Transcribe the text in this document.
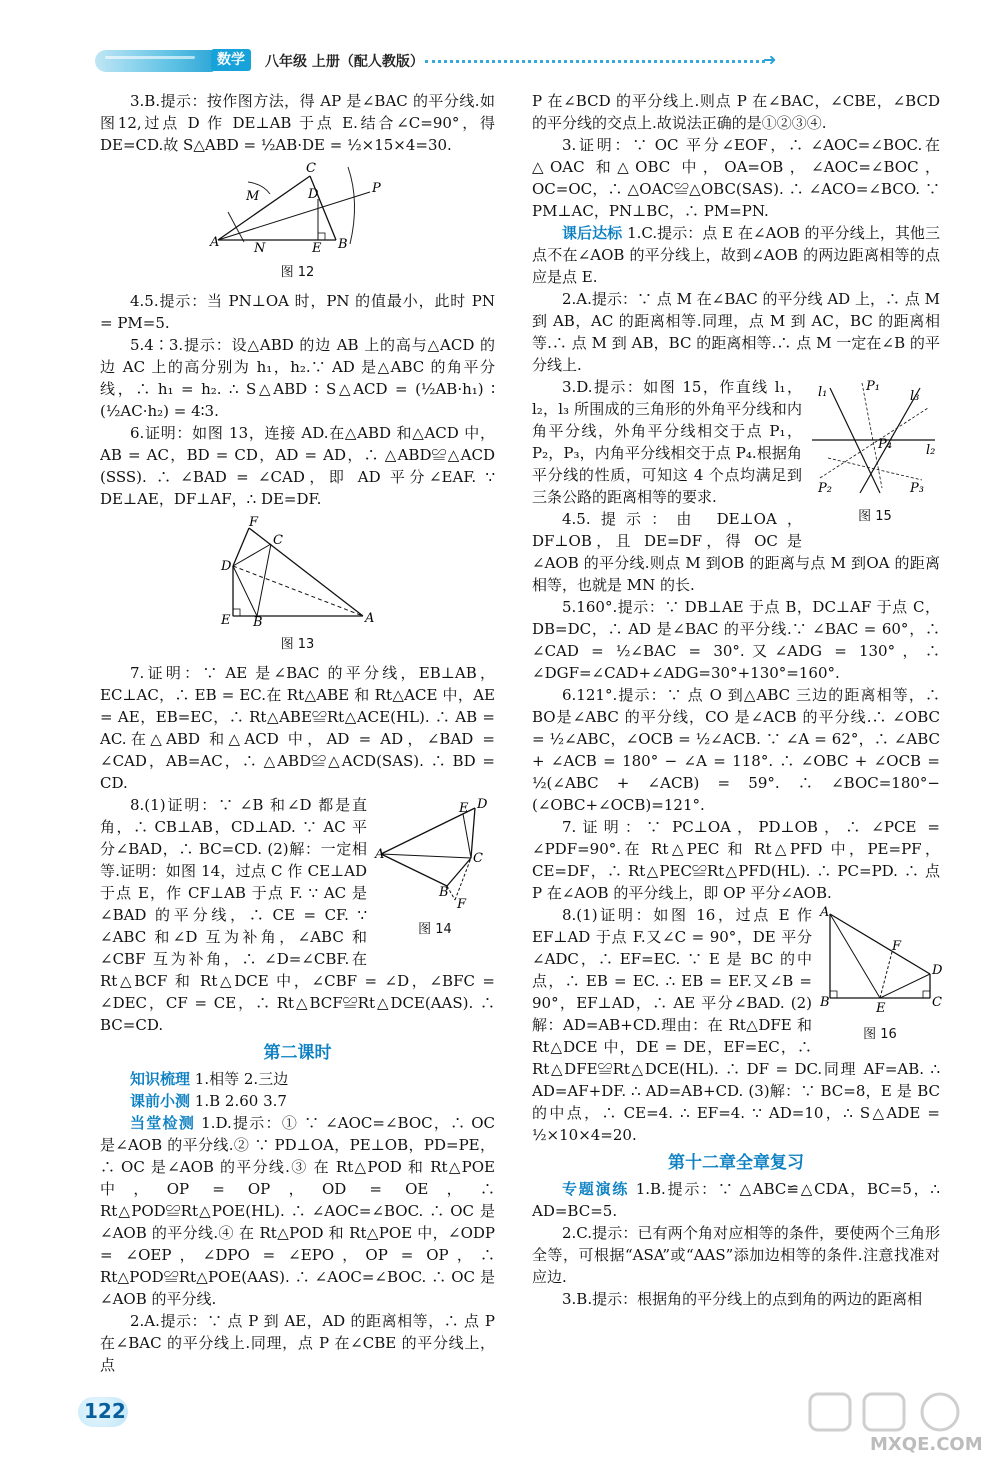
数学	八年级 上册（配人教版）	➜

3.B.提示：按作图方法，得 AP 是∠BAC 的平分线.如图12,过点 D 作 DE⊥AB 于点 E.结合∠C=90°，得 DE=CD.故 S△ABD = ½AB·DE = ½×15×4=30.

A	B
C
D
E
M
N
P
图 12

4.5.提示：当 PN⊥OA 时，PN 的值最小，此时 PN = PM=5.

5.4∶3.提示：设△ABD 的边 AB 上的高与△ACD 的边 AC 上的高分别为 h₁，h₂.∵ AD 是△ABC 的角平分线，∴ h₁ = h₂. ∴ S△ABD ∶ S△ACD = (½AB·h₁) ∶ (½AC·h₂) = 4∶3.

6.证明：如图 13，连接 AD.在△ABD 和△ACD 中，AB = AC，BD = CD，AD = AD，∴ △ABD≌△ACD (SSS). ∴ ∠BAD = ∠CAD，即 AD 平分∠EAF. ∵ DE⊥AE，DF⊥AF，∴ DE=DF.

F
C
D
E B	A
图 13

7.证明：∵ AE 是∠BAC 的平分线，EB⊥AB，EC⊥AC，∴ EB = EC.在 Rt△ABE 和 Rt△ACE 中，AE = AE，EB=EC，∴ Rt△ABE≌Rt△ACE(HL). ∴ AB = AC.在△ABD 和△ACD 中，AD = AD，∠BAD = ∠CAD，AB=AC，∴ △ABD≌△ACD(SAS). ∴ BD = CD.

A
D
E
C
B
F
图 14

8.(1)证明：∵ ∠B 和∠D 都是直角，∴ CB⊥AB，CD⊥AD. ∵ AC 平分∠BAD，∴ BC=CD. (2)解：一定相等.证明：如图 14，过点 C 作 CE⊥AD 于点 E，作 CF⊥AB 于点 F. ∵ AC 是∠BAD 的平分线，∴ CE = CF. ∵ ∠ABC 和∠D 互为补角，∠ABC 和∠CBF 互为补角，∴ ∠D=∠CBF.在 Rt△BCF 和 Rt△DCE 中，∠CBF = ∠D，∠BFC = ∠DEC，CF = CE，∴ Rt△BCF≌Rt△DCE(AAS). ∴ BC=CD.

第二课时

知识梳理 1.相等 2.三边

课前小测 1.B 2.60 3.7

当堂检测 1.D.提示：① ∵ ∠AOC=∠BOC，∴ OC 是∠AOB 的平分线.② ∵ PD⊥OA，PE⊥OB，PD=PE，∴ OC 是∠AOB 的平分线.③ 在 Rt△POD 和 Rt△POE 中，OP = OP，OD = OE，∴ Rt△POD≌Rt△POE(HL). ∴ ∠AOC=∠BOC. ∴ OC 是∠AOB 的平分线.④ 在 Rt△POD 和 Rt△POE 中，∠ODP = ∠OEP，∠DPO = ∠EPO，OP = OP，∴ Rt△POD≌Rt△POE(AAS). ∴ ∠AOC=∠BOC. ∴ OC 是∠AOB 的平分线.

2.A.提示：∵ 点 P 到 AE，AD 的距离相等，∴ 点 P 在∠BAC 的平分线上.同理，点 P 在∠CBE 的平分线上，点

P 在∠BCD 的平分线上.则点 P 在∠BAC，∠CBE，∠BCD 的平分线的交点上.故说法正确的是①②③④.

3.证明：∵ OC 平分∠EOF，∴ ∠AOC=∠BOC.在△OAC 和△OBC 中，OA=OB，∠AOC=∠BOC，OC=OC，∴ △OAC≌△OBC(SAS). ∴ ∠ACO=∠BCO. ∵ PM⊥AC，PN⊥BC，∴ PM=PN.

课后达标 1.C.提示：点 E 在∠AOB 的平分线上，其他三点不在∠AOB 的平分线上，故到∠AOB 的两边距离相等的点应是点 E.

2.A.提示：∵ 点 M 在∠BAC 的平分线 AD 上，∴ 点 M 到 AB，AC 的距离相等.同理，点 M 到 AC，BC 的距离相等.∴ 点 M 到 AB，BC 的距离相等.∴ 点 M 一定在∠B 的平分线上.

P₁
l₁	l₃
l₂
P₄
P₂	P₃
图 15

3.D.提示：如图 15，作直线 l₁，l₂，l₃ 所围成的三角形的外角平分线和内角平分线，外角平分线相交于点 P₁，P₂，P₃，内角平分线相交于点 P₄.根据角平分线的性质，可知这 4 个点均满足到三条公路的距离相等的要求.

4.5.提示：由 DE⊥OA，DF⊥OB，且 DE=DF，得 OC 是∠AOB 的平分线.则点 M 到OB 的距离与点 M 到OA 的距离相等，也就是 MN 的长.

5.160°.提示：∵ DB⊥AE 于点 B，DC⊥AF 于点 C，DB=DC，∴ AD 是∠BAC 的平分线.∵ ∠BAC = 60°，∴ ∠CAD = ½∠BAC = 30°.又∠ADG = 130°，∴ ∠DGF=∠CAD+∠ADG=30°+130°=160°.

6.121°.提示：∵ 点 O 到△ABC 三边的距离相等，∴ BO是∠ABC 的平分线，CO 是∠ACB 的平分线.∴ ∠OBC = ½∠ABC，∠OCB = ½∠ACB. ∵ ∠A = 62°，∴ ∠ABC + ∠ACB = 180° − ∠A = 118°. ∴ ∠OBC + ∠OCB = ½(∠ABC + ∠ACB) = 59°. ∴ ∠BOC=180°−(∠OBC+∠OCB)=121°.

7.证明：∵ PC⊥OA，PD⊥OB，∴ ∠PCE = ∠PDF=90°.在 Rt△PEC 和 Rt△PFD 中，PE=PF，CE=DF，∴ Rt△PEC≌Rt△PFD(HL). ∴ PC=PD. ∴ 点 P 在∠AOB 的平分线上，即 OP 平分∠AOB.

A
B	C
D
E
F
图 16

8.(1)证明：如图 16，过点 E 作 EF⊥AD 于点 F.又∠C = 90°，DE 平分∠ADC，∴ EF=EC. ∵ E 是 BC 的中点，∴ EB = EC. ∴ EB = EF.又∠B = 90°，EF⊥AD，∴ AE 平分∠BAD. (2)解：AD=AB+CD.理由：在 Rt△DFE 和 Rt△DCE 中，DE = DE，EF=EC，∴ Rt△DFE≌Rt△DCE(HL). ∴ DF = DC.同理 AF=AB. ∴ AD=AF+DF. ∴ AD=AB+CD. (3)解：∵ BC=8，E 是 BC 的中点，∴ CE=4. ∴ EF=4. ∵ AD=10，∴ S△ADE = ½×10×4=20.

第十二章全章复习

专题演练 1.B.提示：∵ △ABC≌△CDA，BC=5，∴ AD=BC=5.

2.C.提示：已有两个角对应相等的条件，要使两个三角形全等，可根据“ASA”或“AAS”添加边相等的条件.注意找准对应边.

3.B.提示：根据角的平分线上的点到角的两边的距离相

122
MXQE.COM
